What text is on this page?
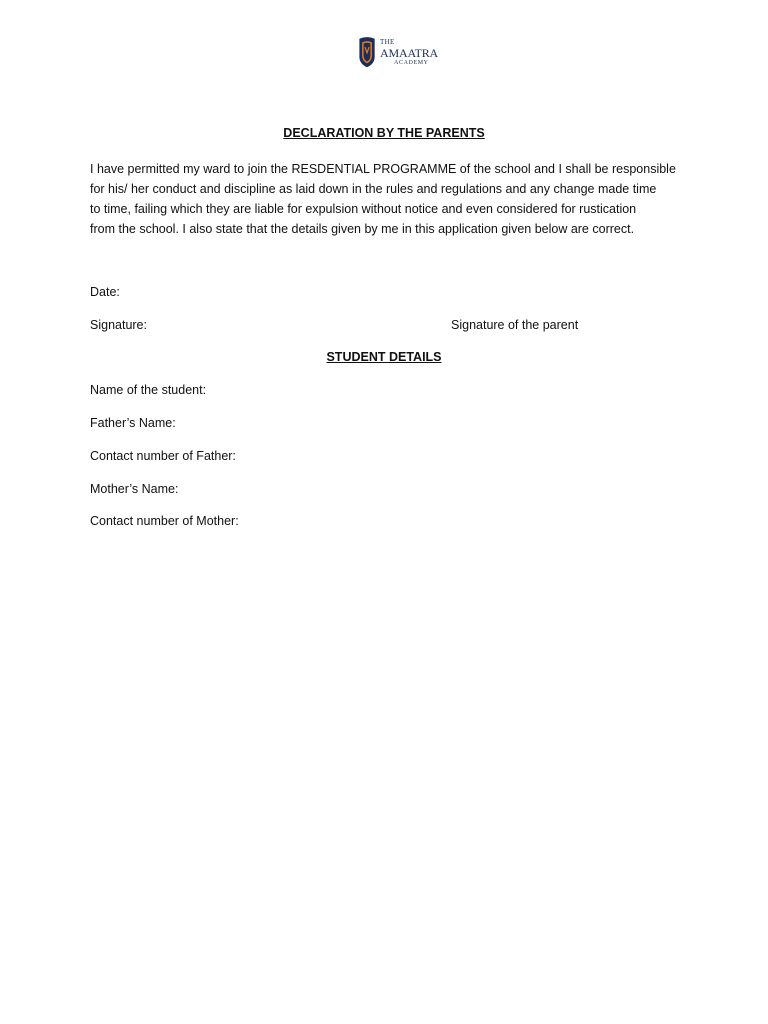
THE
AMAATRA
ACADEMY
DECLARATION BY THE PARENTS
I have permitted my ward to join the RESDENTIAL PROGRAMME of the school and I shall be responsible
for his/ her conduct and discipline as laid down in the rules and regulations and any change made time
to time, failing which they are liable for expulsion without notice and even considered for rustication
from the school. I also state that the details given by me in this application given below are correct.
Date:
Signature:	Signature of the parent
STUDENT DETAILS
Name of the student:
Father’s Name:
Contact number of Father:
Mother’s Name:
Contact number of Mother:
